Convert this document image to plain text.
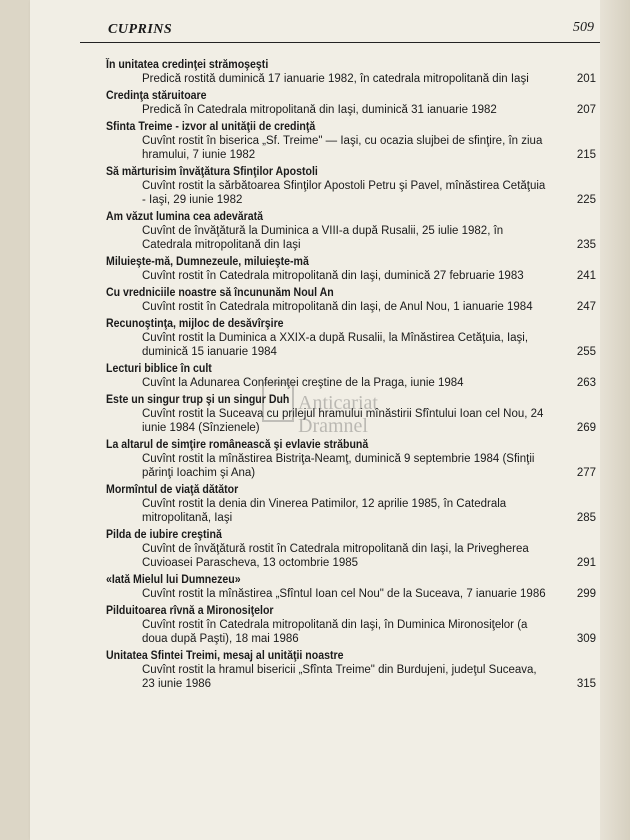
CUPRINS	509
În unitatea credinţei strămoşeşti
Predică rostită duminică 17 ianuarie 1982, în catedrala mitropolitană din Iaşi	201
Credinţa stăruitoare
Predică în Catedrala mitropolitană din Iaşi, duminică 31 ianuarie 1982	207
Sfinta Treime - izvor al unităţii de credinţă
Cuvînt rostit în biserica „Sf. Treime" — Iaşi, cu ocazia slujbei de sfinţire, în ziua hramului, 7 iunie 1982	215
Să mărturisim învăţătura Sfinţilor Apostoli
Cuvînt rostit la sărbătoarea Sfinţilor Apostoli Petru şi Pavel, mînăstirea Cetăţuia - Iaşi, 29 iunie 1982	225
Am văzut lumina cea adevărată
Cuvînt de învăţătură la Duminica a VIII-a după Rusalii, 25 iulie 1982, în Catedrala mitropolitană din Iaşi	235
Miluieşte-mă, Dumnezeule, miluieşte-mă
Cuvînt rostit în Catedrala mitropolitană din Iaşi, duminică 27 februarie 1983	241
Cu vredniciile noastre să încununăm Noul An
Cuvînt rostit în Catedrala mitropolitană din Iaşi, de Anul Nou, 1 ianuarie 1984	247
Recunoştinţa, mijloc de desăvîrşire
Cuvînt rostit la Duminica a XXIX-a după Rusalii, la Mînăstirea Cetăţuia, Iaşi, duminică 15 ianuarie 1984	255
Lecturi biblice în cult
Cuvînt la Adunarea Conferinţei creştine de la Praga, iunie 1984	263
Este un singur trup şi un singur Duh
Cuvînt rostit la Suceava cu prilejul hramului mînăstirii Sfîntului Ioan cel Nou, 24 iunie 1984 (Sînzienele)	269
La altarul de simţire românească şi evlavie străbună
Cuvînt rostit la mînăstirea Bistriţa-Neamţ, duminică 9 septembrie 1984 (Sfinţii părinţi Ioachim şi Ana)	277
Mormîntul de viaţă dătător
Cuvînt rostit la denia din Vinerea Patimilor, 12 aprilie 1985, în Catedrala mitropolitană, Iaşi	285
Pilda de iubire creştină
Cuvînt de învăţătură rostit în Catedrala mitropolitană din Iaşi, la Privegherea Cuvioasei Parascheva, 13 octombrie 1985	291
«Iată Mielul lui Dumnezeu»
Cuvînt rostit la mînăstirea „Sfîntul Ioan cel Nou" de la Suceava, 7 ianuarie 1986	299
Pilduitoarea rîvnă a Mironosiţelor
Cuvînt rostit în Catedrala mitropolitană din Iaşi, în Duminica Mironosiţelor (a doua după Paşti), 18 mai 1986	309
Unitatea Sfintei Treimi, mesaj al unităţii noastre
Cuvînt rostit la hramul bisericii „Sfînta Treime" din Burdujeni, judeţul Suceava, 23 iunie 1986	315
Anticariat Dramnel
